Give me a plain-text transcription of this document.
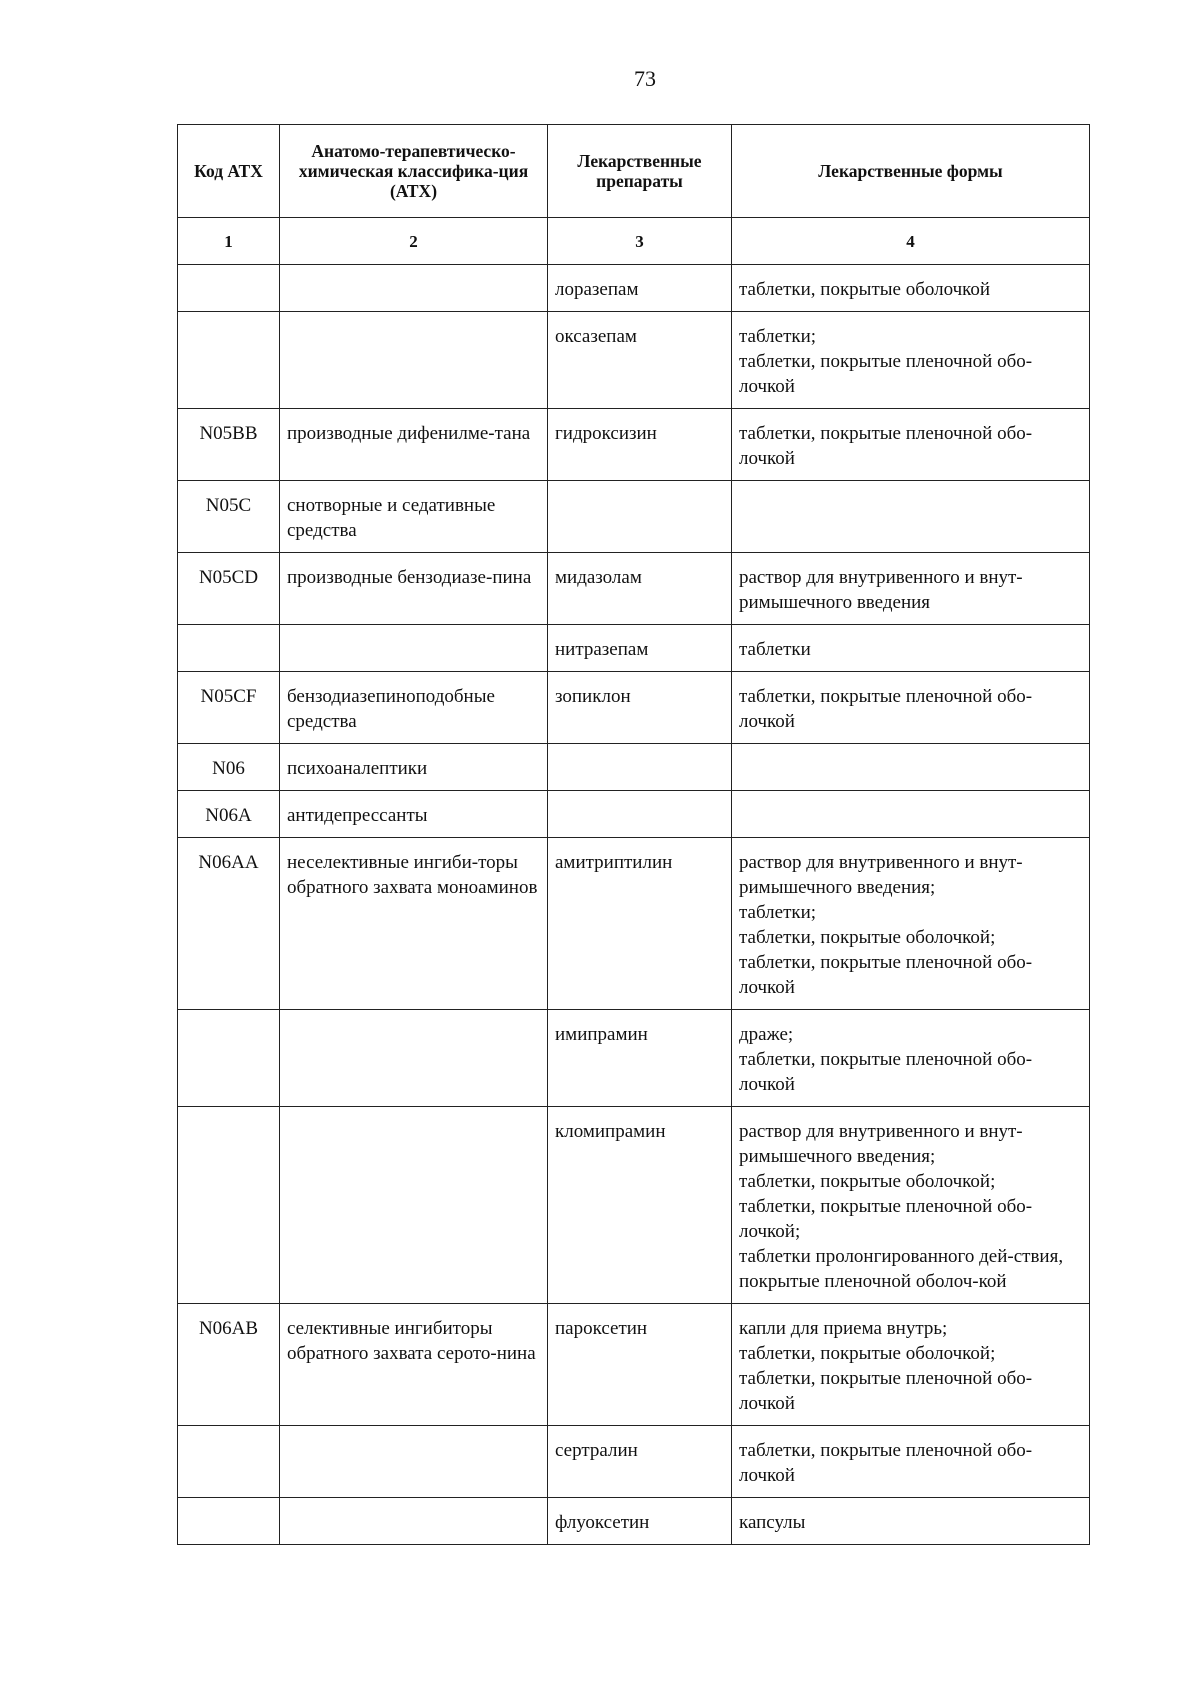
73
Код АТХ	Анатомо-терапевтическо-химическая классифика-ция (АТХ)	Лекарственные препараты	Лекарственные формы
1	2	3	4
		лоразепам	таблетки, покрытые оболочкой

		оксазепам	таблетки;
таблетки, покрытые пленочной обо-лочкой

N05BB	производные дифенилме-тана	гидроксизин	таблетки, покрытые пленочной обо-лочкой

N05C	снотворные и седативные средства		
N05CD	производные бензодиазе-пина	мидазолам	раствор для внутривенного и внут-римышечного введения

		нитразепам	таблетки

N05CF	бензодиазепиноподобные средства	зопиклон	таблетки, покрытые пленочной обо-лочкой

N06	психоаналептики		
N06A	антидепрессанты		
N06AA	неселективные ингиби-торы обратного захвата моноаминов	амитриптилин	раствор для внутривенного и внут-римышечного введения;
таблетки;
таблетки, покрытые оболочкой;
таблетки, покрытые пленочной обо-лочкой

		имипрамин	драже;
таблетки, покрытые пленочной обо-лочкой

		кломипрамин	раствор для внутривенного и внут-римышечного введения;
таблетки, покрытые оболочкой;
таблетки, покрытые пленочной обо-лочкой;
таблетки пролонгированного дей-ствия, покрытые пленочной оболоч-кой

N06AB	селективные ингибиторы обратного захвата серото-нина	пароксетин	капли для приема внутрь;
таблетки, покрытые оболочкой;
таблетки, покрытые пленочной обо-лочкой

		сертралин	таблетки, покрытые пленочной обо-лочкой

		флуоксетин	капсулы
